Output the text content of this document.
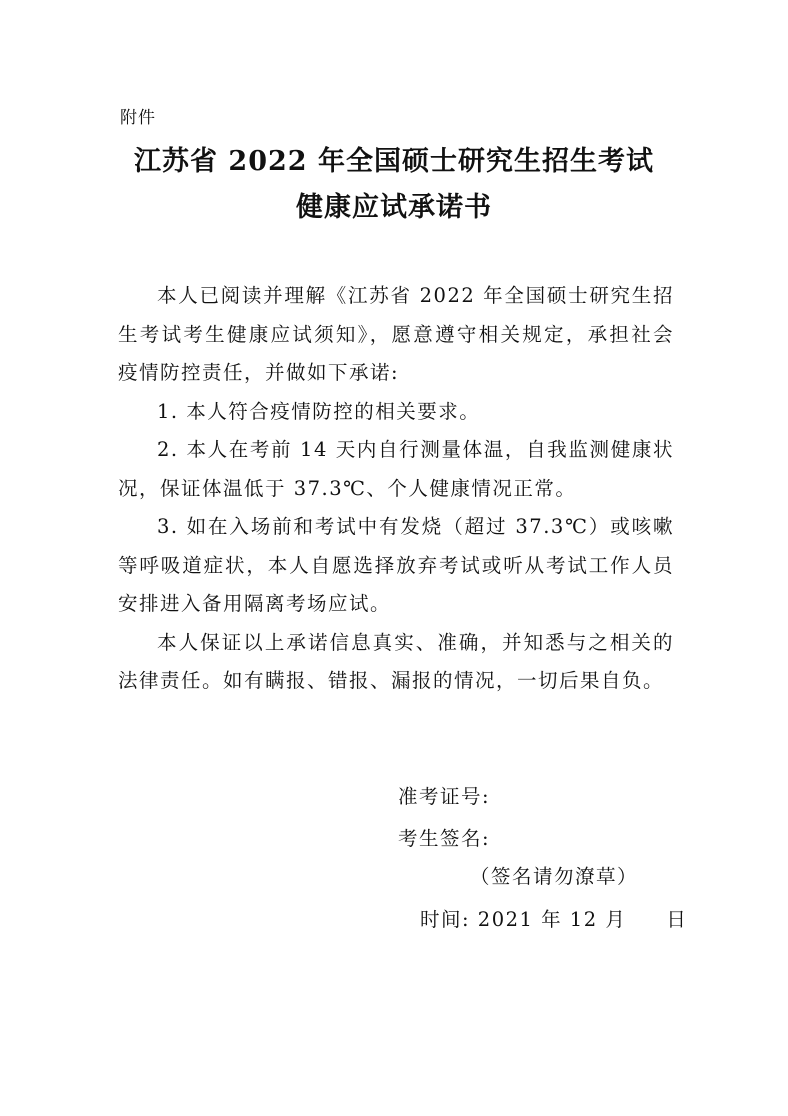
附件
江苏省 2022 年全国硕士研究生招生考试
健康应试承诺书

本人已阅读并理解《江苏省 2022 年全国硕士研究生招生考试考生健康应试须知》，愿意遵守相关规定，承担社会疫情防控责任，并做如下承诺:

1. 本人符合疫情防控的相关要求。

2. 本人在考前 14 天内自行测量体温，自我监测健康状况，保证体温低于 37.3℃、个人健康情况正常。

3. 如在入场前和考试中有发烧（超过 37.3℃）或咳嗽等呼吸道症状，本人自愿选择放弃考试或听从考试工作人员安排进入备用隔离考场应试。

本人保证以上承诺信息真实、准确，并知悉与之相关的法律责任。如有瞒报、错报、漏报的情况，一切后果自负。

准考证号:
考生签名:
（签名请勿潦草）
时间: 2021 年 12 月 日
